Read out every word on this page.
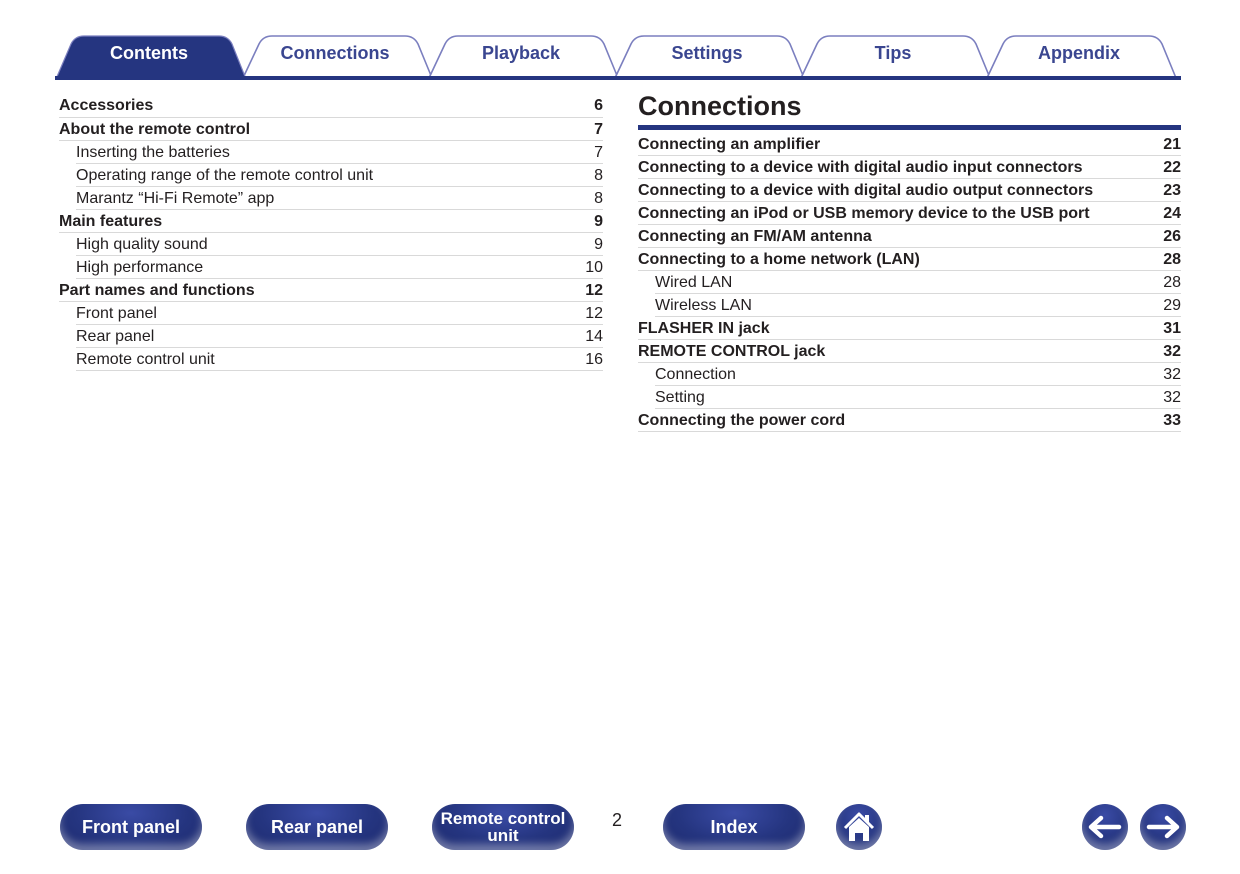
Contents	Connections	Playback	Settings	Tips	Appendix
Accessories	6
About the remote control	7
Inserting the batteries	7
Operating range of the remote control unit	8
Marantz “Hi-Fi Remote” app	8
Main features	9
High quality sound	9
High performance	10
Part names and functions	12
Front panel	12
Rear panel	14
Remote control unit	16
Connections
Connecting an amplifier	21
Connecting to a device with digital audio input connectors	22
Connecting to a device with digital audio output connectors	23
Connecting an iPod or USB memory device to the USB port	24
Connecting an FM/AM antenna	26
Connecting to a home network (LAN)	28
Wired LAN	28
Wireless LAN	29
FLASHER IN jack	31
REMOTE CONTROL jack	32
Connection	32
Setting	32
Connecting the power cord	33
Front panel	Rear panel	Remote control
unit
2	Index
